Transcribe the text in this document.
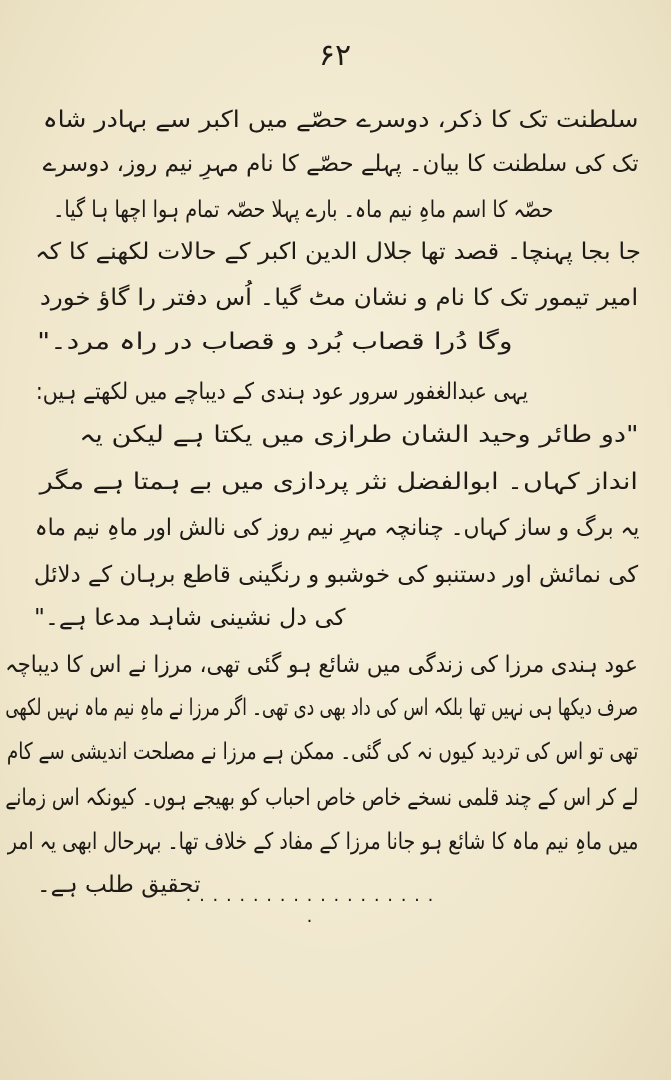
۶۲
سلطنت تک کا ذکر، دوسرے حصّے میں اکبر سے بہادر شاہ
تک کی سلطنت کا بیان۔ پہلے حصّے کا نام مہرِ نیم روز، دوسرے
حصّہ کا اسم ماہِ نیم ماہ۔ بارے پہلا حصّہ تمام ہوا اچھا ہا گیا۔
جا بجا پہنچا۔ قصد تھا جلال الدین اکبر کے حالات لکھنے کا کہ
امیر تیمور تک کا نام و نشان مٹ گیا۔ اُس دفتر را گاؤ خورد
وگا دُرا قصاب بُرد و قصاب در راہ مرد۔"
یہی عبدالغفور سرور عود ہندی کے دیباچے میں لکھتے ہیں:
"دو طائر وحید الشان طرازی میں یکتا ہے لیکن یہ
انداز کہاں۔ ابوالفضل نثر پردازی میں بے ہمتا ہے مگر
یہ برگ و ساز کہاں۔ چنانچہ مہرِ نیم روز کی نالش اور ماہِ نیم ماہ
کی نمائش اور دستنبو کی خوشبو و رنگینی قاطع برہان کے دلائل
کی دل نشینی شاہد مدعا ہے۔"
عود ہندی مرزا کی زندگی میں شائع ہو گئی تھی، مرزا نے اس کا دیباچہ
صرف دیکھا ہی نہیں تھا بلکہ اس کی داد بھی دی تھی۔ اگر مرزا نے ماہِ نیم ماہ نہیں لکھی
تھی تو اس کی تردید کیوں نہ کی گئی۔ ممکن ہے مرزا نے مصلحت اندیشی سے کام
لے کر اس کے چند قلمی نسخے خاص خاص احباب کو بھیجے ہوں۔ کیونکہ اس زمانے
میں ماہِ نیم ماہ کا شائع ہو جانا مرزا کے مفاد کے خلاف تھا۔ بہرحال ابھی یہ امر
تحقیق طلب ہے۔
. . . . . . . . . . . . . . . . . . . .
